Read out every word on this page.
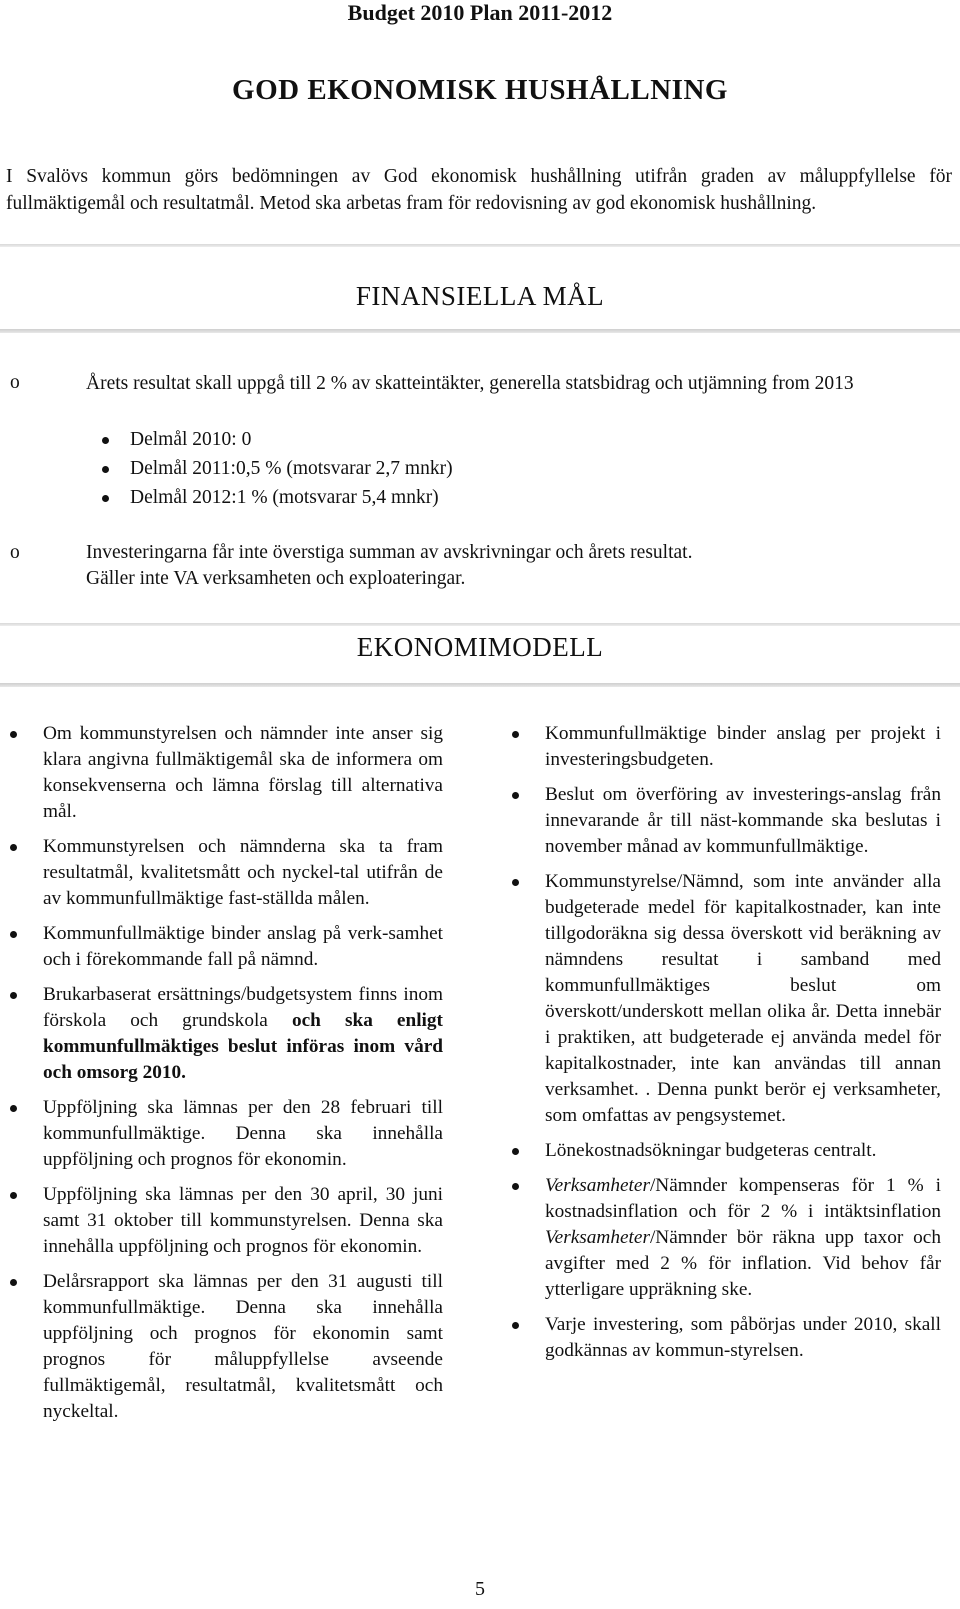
Budget 2010 Plan 2011-2012
GOD EKONOMISK HUSHÅLLNING
I Svalövs kommun görs bedömningen av God ekonomisk hushållning utifrån graden av måluppfyllelse för fullmäktigemål och resultatmål. Metod ska arbetas fram för redovisning av god ekonomisk hushållning.
FINANSIELLA MÅL
o	Årets resultat skall uppgå till 2 % av skatteintäkter, generella statsbidrag och utjämning from 2013
Delmål 2010: 0
Delmål 2011:0,5 % (motsvarar 2,7 mnkr)
Delmål 2012:1 % (motsvarar 5,4 mnkr)
o	Investeringarna får inte överstiga summan av avskrivningar och årets resultat.
Gäller inte VA verksamheten och exploateringar.
EKONOMIMODELL
Om kommunstyrelsen och nämnder inte anser sig klara angivna fullmäktigemål ska de informera om konsekvenserna och lämna förslag till alternativa mål.
Kommunstyrelsen och nämnderna ska ta fram resultatmål, kvalitetsmått och nyckel-tal utifrån de av kommunfullmäktige fast-ställda målen.
Kommunfullmäktige binder anslag på verk-samhet och i förekommande fall på nämnd.
Brukarbaserat ersättnings/budgetsystem finns inom förskola och grundskola och ska enligt kommunfullmäktiges beslut införas inom vård och omsorg 2010.
Uppföljning ska lämnas per den 28 februari till kommunfullmäktige. Denna ska innehålla uppföljning och prognos för ekonomin.
Uppföljning ska lämnas per den 30 april, 30 juni samt 31 oktober till kommunstyrelsen. Denna ska innehålla uppföljning och prognos för ekonomin.
Delårsrapport ska lämnas per den 31 augusti till kommunfullmäktige. Denna ska innehålla uppföljning och prognos för ekonomin samt prognos för måluppfyllelse avseende fullmäktigemål, resultatmål, kvalitetsmått och nyckeltal.
Kommunfullmäktige binder anslag per projekt i investeringsbudgeten.
Beslut om överföring av investerings-anslag från innevarande år till näst-kommande ska beslutas i november månad av kommunfullmäktige.
Kommunstyrelse/Nämnd, som inte använder alla budgeterade medel för kapitalkostnader, kan inte tillgodoräkna sig dessa överskott vid beräkning av nämndens resultat i samband med kommunfullmäktiges beslut om överskott/underskott mellan olika år. Detta innebär i praktiken, att budgeterade ej använda medel för kapitalkostnader, inte kan användas till annan verksamhet. . Denna punkt berör ej verksamheter, som omfattas av pengsystemet.
Lönekostnadsökningar budgeteras centralt.
Verksamheter/Nämnder kompenseras för 1 % i kostnadsinflation och för 2 % i intäktsinflation Verksamheter/Nämnder bör räkna upp taxor och avgifter med 2 % för inflation. Vid behov får ytterligare uppräkning ske.
Varje investering, som påbörjas under 2010, skall godkännas av kommun-styrelsen.
5
